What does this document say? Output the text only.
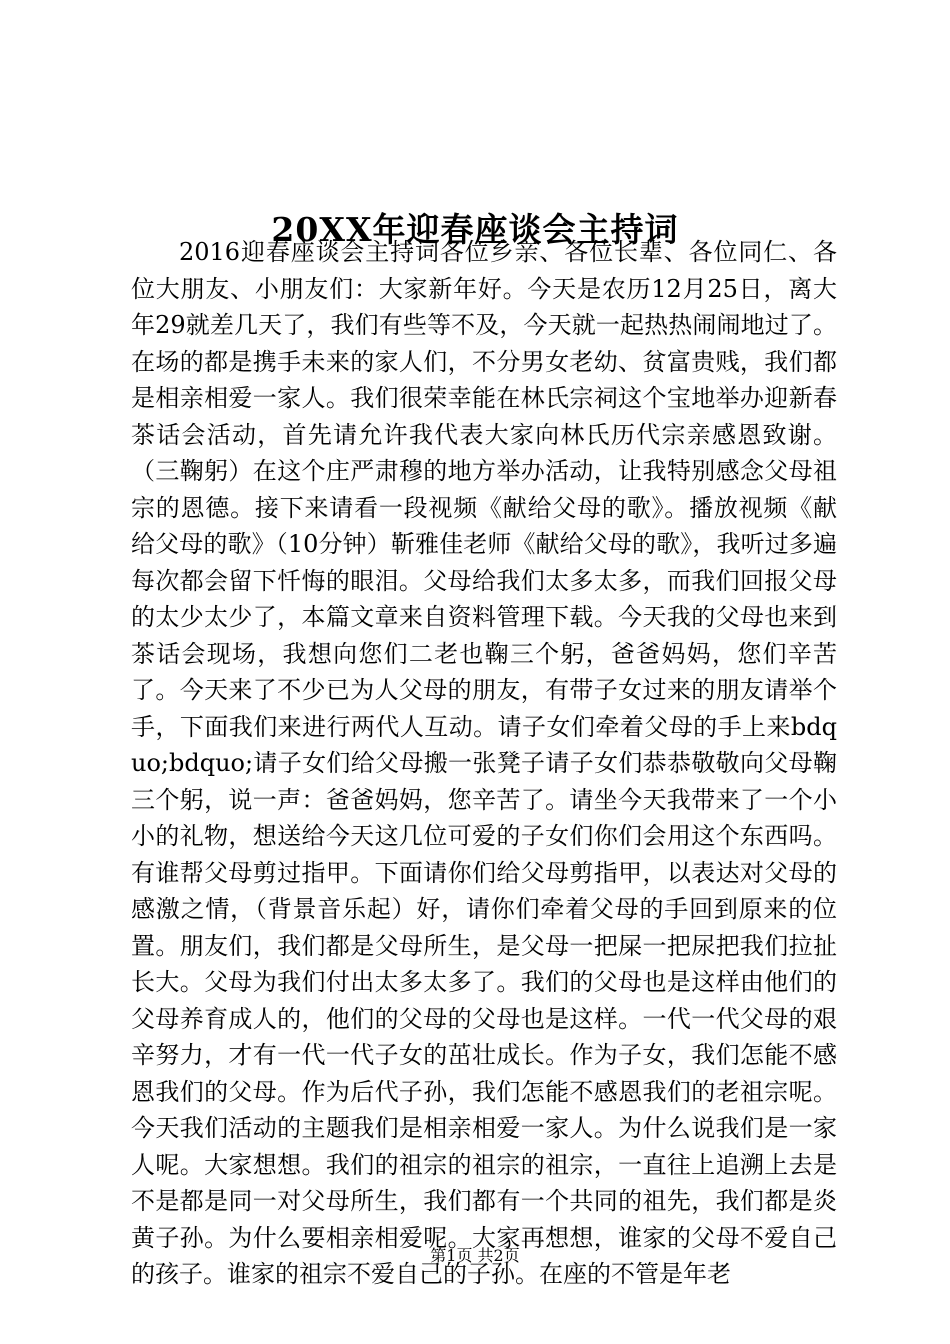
20XX年迎春座谈会主持词

2016迎春座谈会主持词各位乡亲、各位长辈、各位同仁、各位大朋友、小朋友们：大家新年好。今天是农历12月25日，离大年29就差几天了，我们有些等不及，今天就一起热热闹闹地过了。在场的都是携手未来的家人们，不分男女老幼、贫富贵贱，我们都是相亲相爱一家人。我们很荣幸能在林氏宗祠这个宝地举办迎新春茶话会活动，首先请允许我代表大家向林氏历代宗亲感恩致谢。（三鞠躬）在这个庄严肃穆的地方举办活动，让我特别感念父母祖宗的恩德。接下来请看一段视频《献给父母的歌》。播放视频《献给父母的歌》（10分钟）靳雅佳老师《献给父母的歌》，我听过多遍每次都会留下忏悔的眼泪。父母给我们太多太多，而我们回报父母的太少太少了，本篇文章来自资料管理下载。今天我的父母也来到茶话会现场，我想向您们二老也鞠三个躬，爸爸妈妈，您们辛苦了。今天来了不少已为人父母的朋友，有带子女过来的朋友请举个手，下面我们来进行两代人互动。请子女们牵着父母的手上来bdquo;bdquo;请子女们给父母搬一张凳子请子女们恭恭敬敬向父母鞠三个躬，说一声：爸爸妈妈，您辛苦了。请坐今天我带来了一个小小的礼物，想送给今天这几位可爱的子女们你们会用这个东西吗。有谁帮父母剪过指甲。下面请你们给父母剪指甲，以表达对父母的感激之情，（背景音乐起）好，请你们牵着父母的手回到原来的位置。朋友们，我们都是父母所生，是父母一把屎一把尿把我们拉扯长大。父母为我们付出太多太多了。我们的父母也是这样由他们的父母养育成人的，他们的父母的父母也是这样。一代一代父母的艰辛努力，才有一代一代子女的茁壮成长。作为子女，我们怎能不感恩我们的父母。作为后代子孙，我们怎能不感恩我们的老祖宗呢。今天我们活动的主题我们是相亲相爱一家人。为什么说我们是一家人呢。大家想想。我们的祖宗的祖宗的祖宗，一直往上追溯上去是不是都是同一对父母所生，我们都有一个共同的祖先，我们都是炎黄子孙。为什么要相亲相爱呢。大家再想想，谁家的父母不爱自己的孩子。谁家的祖宗不爱自己的子孙。在座的不管是年老

第1页 共2页
